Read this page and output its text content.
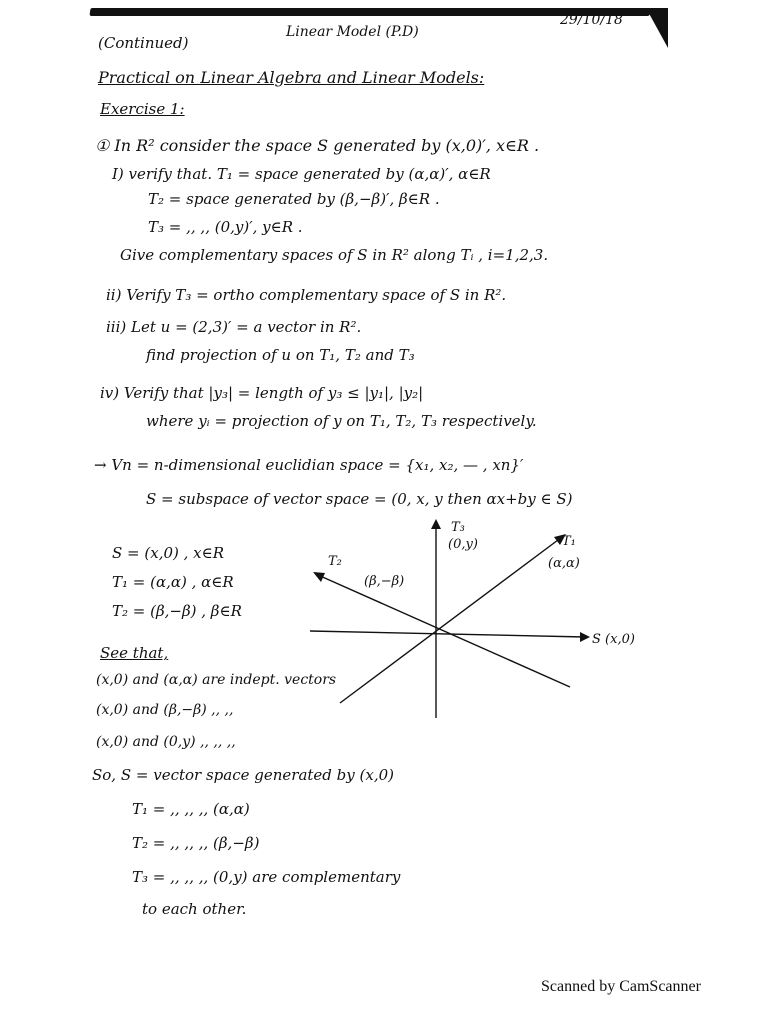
(Continued)
Linear Model (P.D)
29/10/18
Practical on Linear Algebra and Linear Models:
Exercise 1:
① In R² consider the space S generated by (x,0)′, x∈R .
I) verify that. T₁ = space generated by (α,α)′, α∈R
T₂ = space generated by (β,−β)′, β∈R .
T₃ = ,, ,, (0,y)′, y∈R .
Give complementary spaces of S in R² along Tᵢ , i=1,2,3.
ii) Verify T₃ = ortho complementary space of S in R².
iii) Let u = (2,3)′ = a vector in R².
find projection of u on T₁, T₂ and T₃
iv) Verify that |y₃| = length of y₃ ≤ |y₁|, |y₂|
where yᵢ = projection of y on T₁, T₂, T₃ respectively.
→ Vn = n-dimensional euclidian space = {x₁, x₂, — , xn}′
S = subspace of vector space = (0, x, y then αx+by ∈ S)
S = (x,0) , x∈R
T₁ = (α,α) , α∈R
T₂ = (β,−β) , β∈R
See that,
(x,0) and (α,α) are indept. vectors
(x,0) and (β,−β) ,, ,,
(x,0) and (0,y) ,, ,, ,,
T₃
(0,y)	T₁
(α,α)
T₂
(β,−β)
S (x,0)
So, S = vector space generated by (x,0)
T₁ = ,, ,, ,, (α,α)
T₂ = ,, ,, ,, (β,−β)
T₃ = ,, ,, ,, (0,y) are complementary
to each other.
Scanned by CamScanner
